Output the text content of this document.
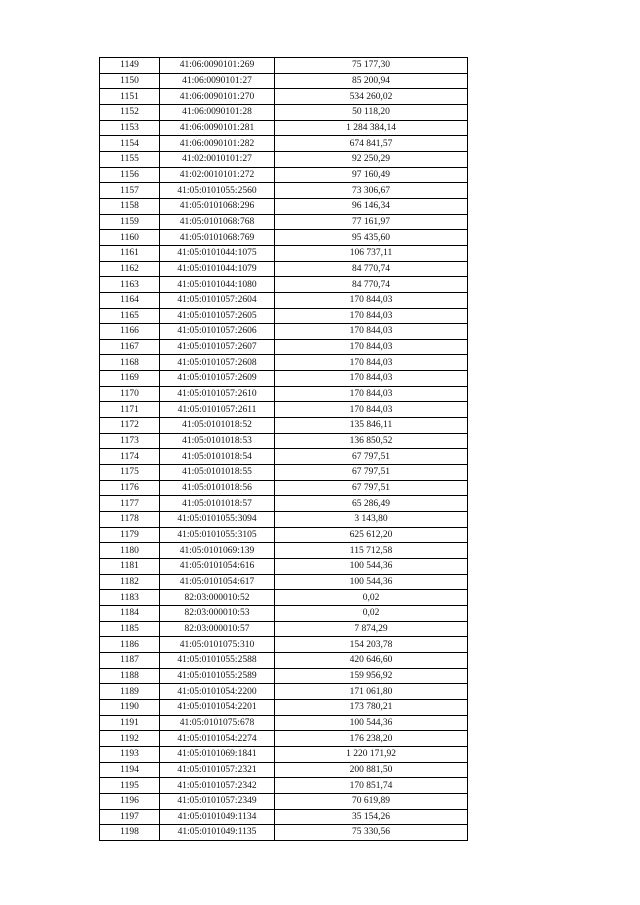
1149	41:06:0090101:269	75 177,30
1150	41:06:0090101:27	85 200,94
1151	41:06:0090101:270	534 260,02
1152	41:06:0090101:28	50 118,20
1153	41:06:0090101:281	1 284 384,14
1154	41:06:0090101:282	674 841,57
1155	41:02:0010101:27	92 250,29
1156	41:02:0010101:272	97 160,49
1157	41:05:0101055:2560	73 306,67
1158	41:05:0101068:296	96 146,34
1159	41:05:0101068:768	77 161,97
1160	41:05:0101068:769	95 435,60
1161	41:05:0101044:1075	106 737,11
1162	41:05:0101044:1079	84 770,74
1163	41:05:0101044:1080	84 770,74
1164	41:05:0101057:2604	170 844,03
1165	41:05:0101057:2605	170 844,03
1166	41:05:0101057:2606	170 844,03
1167	41:05:0101057:2607	170 844,03
1168	41:05:0101057:2608	170 844,03
1169	41:05:0101057:2609	170 844,03
1170	41:05:0101057:2610	170 844,03
1171	41:05:0101057:2611	170 844,03
1172	41:05:0101018:52	135 846,11
1173	41:05:0101018:53	136 850,52
1174	41:05:0101018:54	67 797,51
1175	41:05:0101018:55	67 797,51
1176	41:05:0101018:56	67 797,51
1177	41:05:0101018:57	65 286,49
1178	41:05:0101055:3094	3 143,80
1179	41:05:0101055:3105	625 612,20
1180	41:05:0101069:139	115 712,58
1181	41:05:0101054:616	100 544,36
1182	41:05:0101054:617	100 544,36
1183	82:03:000010:52	0,02
1184	82:03:000010:53	0,02
1185	82:03:000010:57	7 874,29
1186	41:05:0101075:310	154 203,78
1187	41:05:0101055:2588	420 646,60
1188	41:05:0101055:2589	159 956,92
1189	41:05:0101054:2200	171 061,80
1190	41:05:0101054:2201	173 780,21
1191	41:05:0101075:678	100 544,36
1192	41:05:0101054:2274	176 238,20
1193	41:05:0101069:1841	1 220 171,92
1194	41:05:0101057:2321	200 881,50
1195	41:05:0101057:2342	170 851,74
1196	41:05:0101057:2349	70 619,89
1197	41:05:0101049:1134	35 154,26
1198	41:05:0101049:1135	75 330,56
